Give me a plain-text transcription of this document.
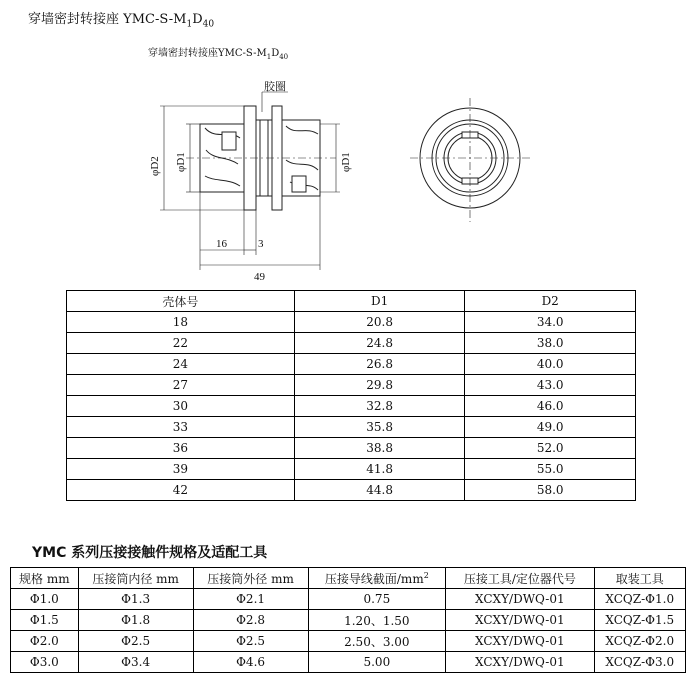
穿墙密封转接座 YMC-$S-M_1D_{40}$
穿墙密封转接座YMC-$S-M_1D_{40}$
胶圈
φD2 φD1	φD1
16	3
49
壳体号	D1	D2
18	20.8	34.0
22	24.8	38.0
24	26.8	40.0
27	29.8	43.0
30	32.8	46.0
33	35.8	49.0
36	38.8	52.0
39	41.8	55.0
42	44.8	58.0
YMC 系列压接接触件规格及适配工具
规格 mm	压接筒内径 mm	压接筒外径 mm	压接导线截面$/mm^2$	压接工具/定位器代号	取装工具
Φ1.0	Φ1.3	Φ2.1	0.75	XCXY/DWQ-01	XCQZ-Φ1.0
Φ1.5	Φ1.8	Φ2.8	1.20、1.50	XCXY/DWQ-01	XCQZ-Φ1.5
Φ2.0	Φ2.5	Φ2.5	2.50、3.00	XCXY/DWQ-01	XCQZ-Φ2.0
Φ3.0	Φ3.4	Φ4.6	5.00	XCXY/DWQ-01	XCQZ-Φ3.0
